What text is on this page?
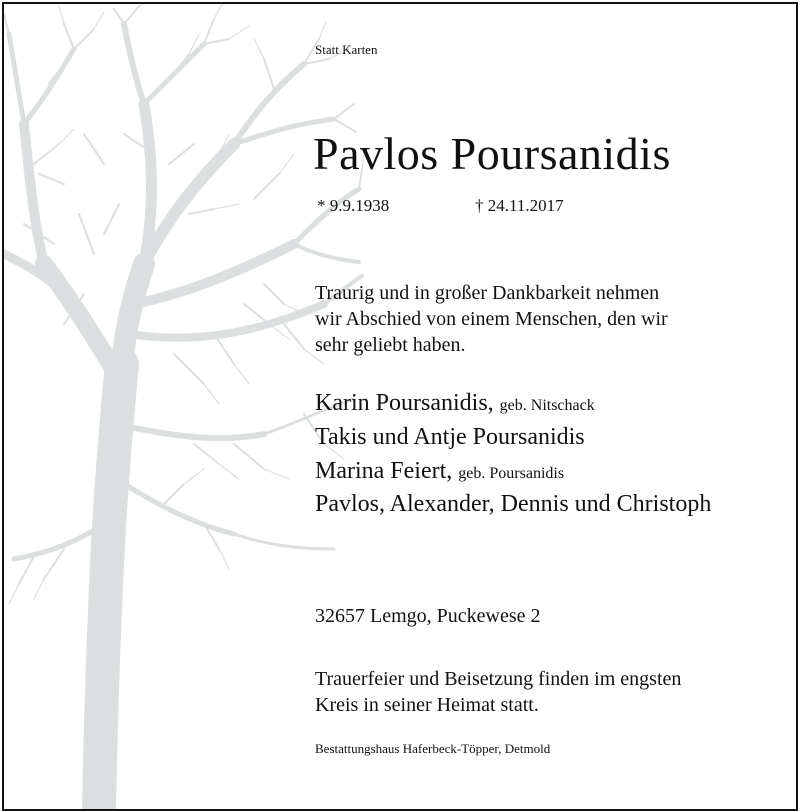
Statt Karten
Pavlos Poursanidis
* 9.9.1938	† 24.11.2017
Traurig und in großer Dankbarkeit nehmen
wir Abschied von einem Menschen, den wir
sehr geliebt haben.
Karin Poursanidis, geb. Nitschack
Takis und Antje Poursanidis
Marina Feiert, geb. Poursanidis
Pavlos, Alexander, Dennis und Christoph
32657 Lemgo, Puckewese 2
Trauerfeier und Beisetzung finden im engsten
Kreis in seiner Heimat statt.
Bestattungshaus Haferbeck-Töpper, Detmold
